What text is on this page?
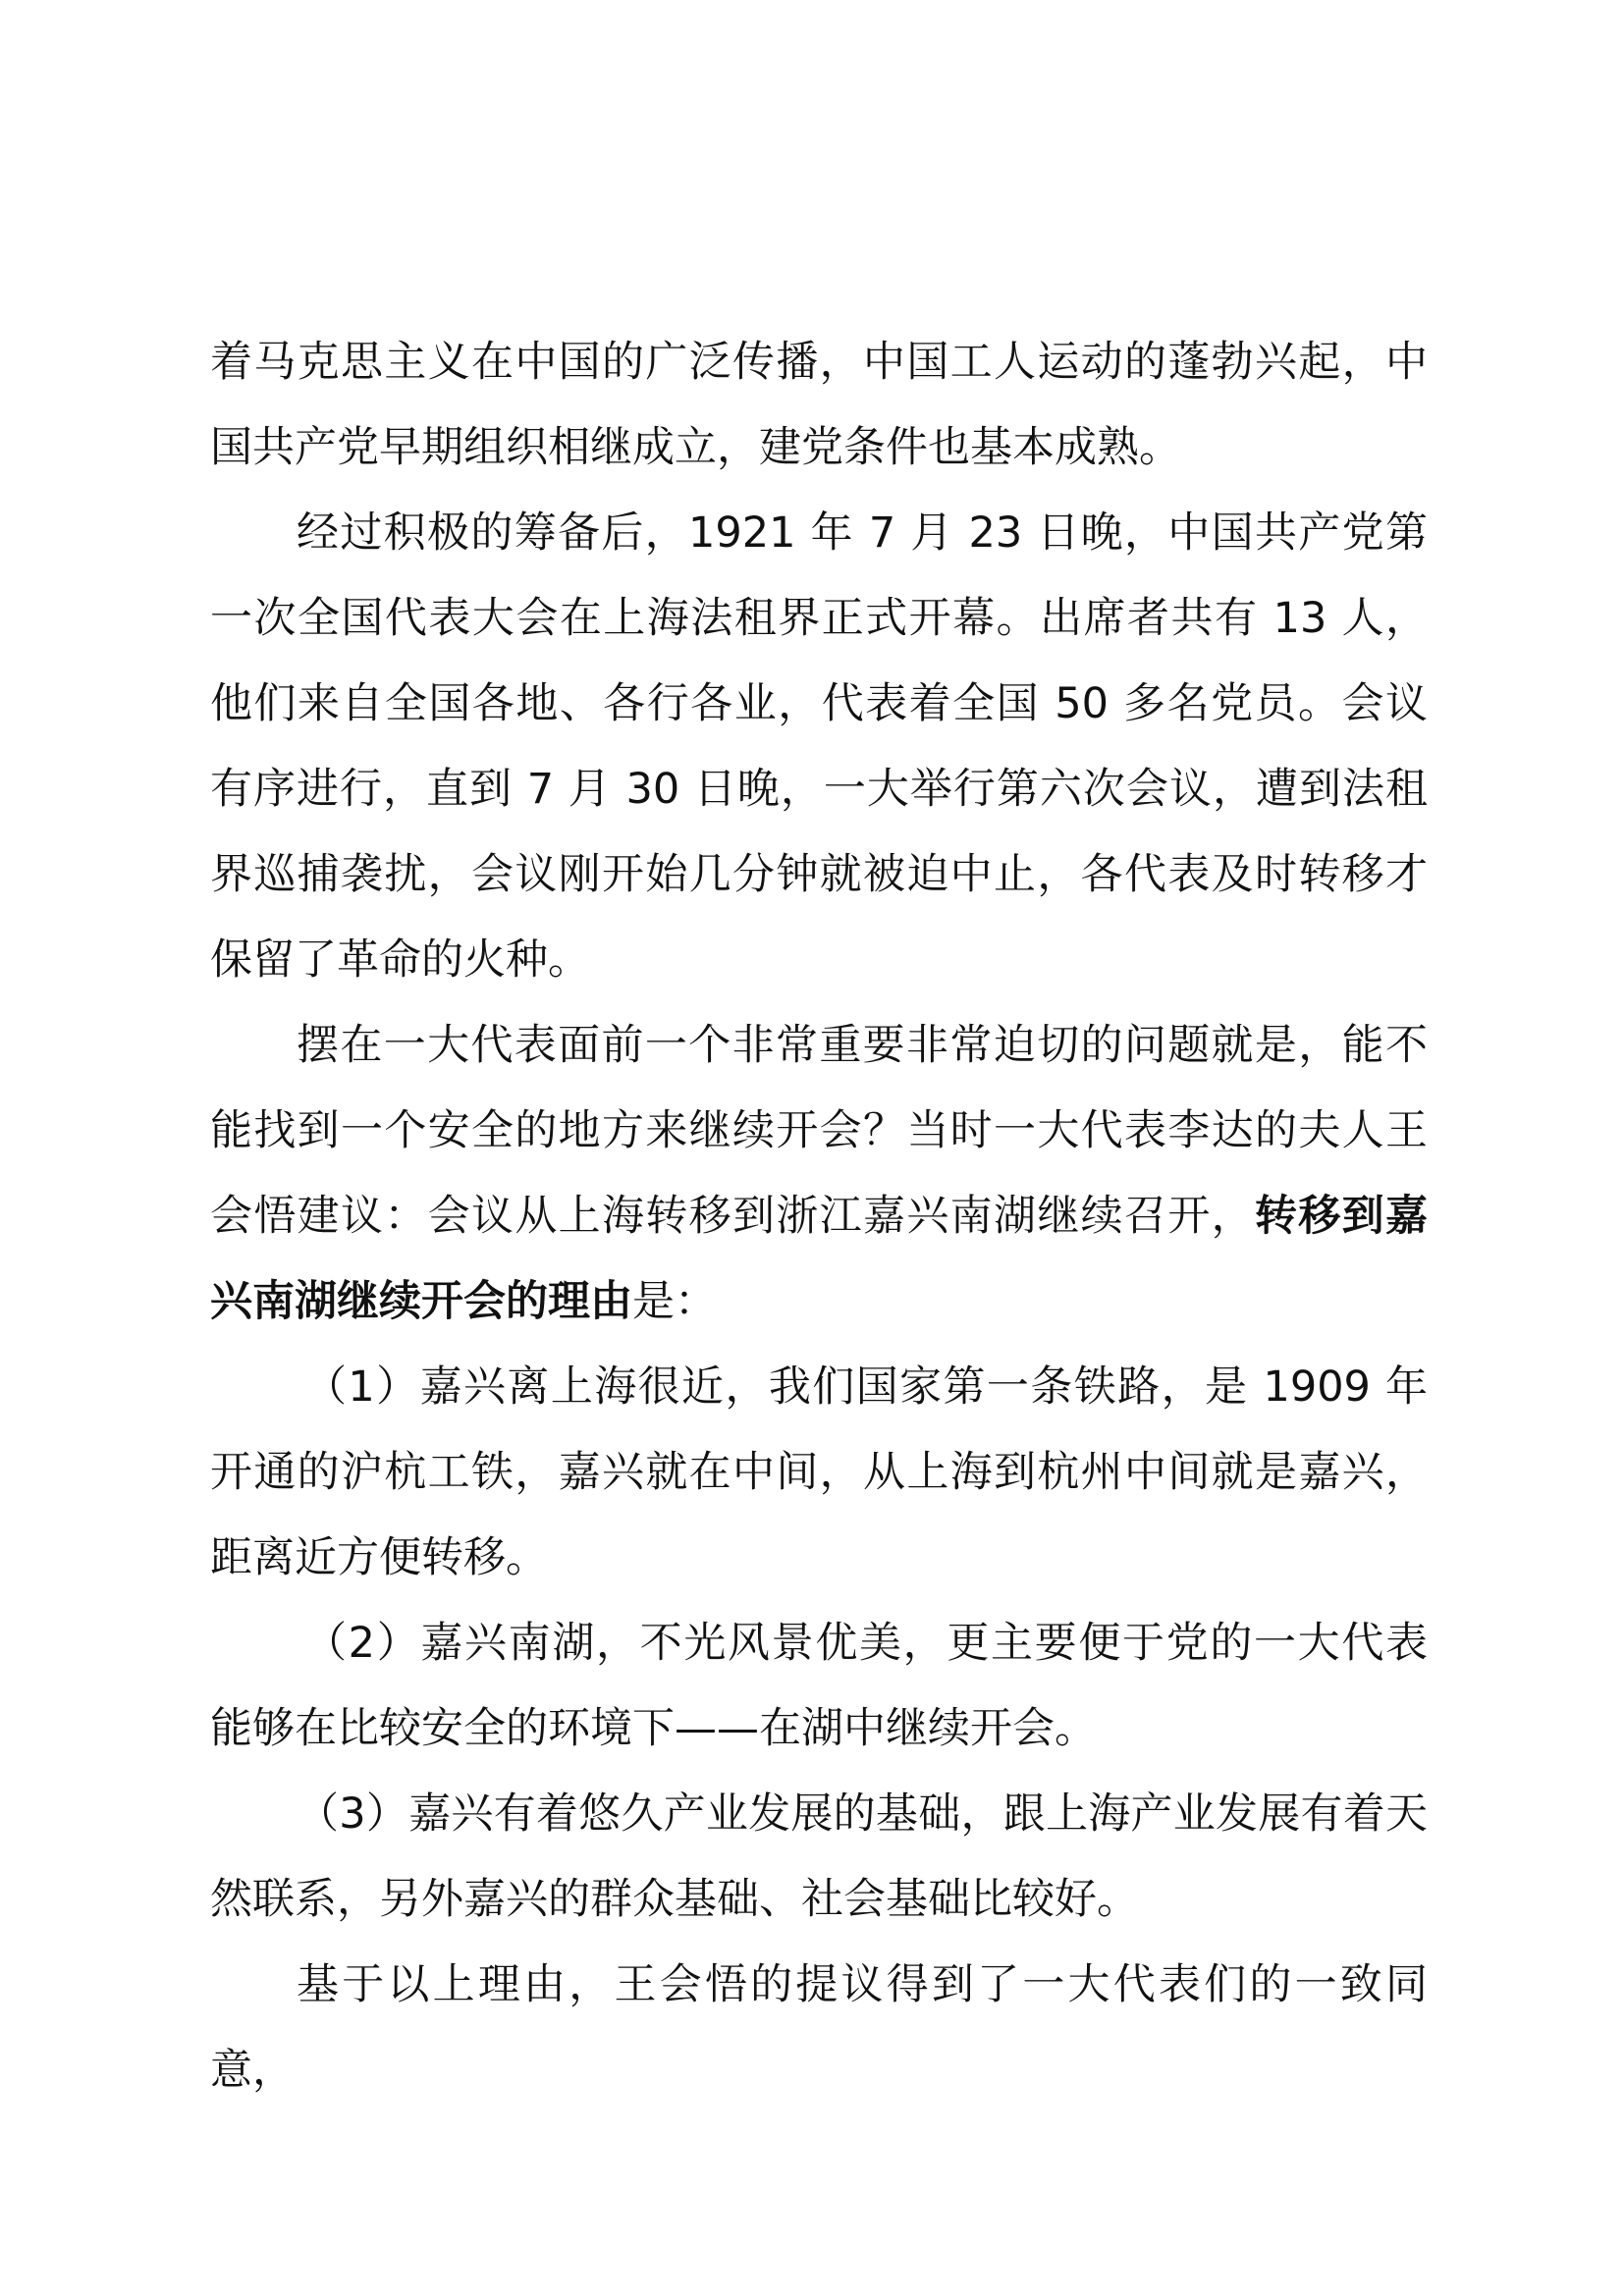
着马克思主义在中国的广泛传播，中国工人运动的蓬勃兴起，中国共产党早期组织相继成立，建党条件也基本成熟。

经过积极的筹备后，1921 年 7 月 23 日晚，中国共产党第一次全国代表大会在上海法租界正式开幕。出席者共有 13 人，他们来自全国各地、各行各业，代表着全国 50 多名党员。会议有序进行，直到 7 月 30 日晚，一大举行第六次会议，遭到法租界巡捕袭扰，会议刚开始几分钟就被迫中止，各代表及时转移才保留了革命的火种。

摆在一大代表面前一个非常重要非常迫切的问题就是，能不能找到一个安全的地方来继续开会？当时一大代表李达的夫人王会悟建议：会议从上海转移到浙江嘉兴南湖继续召开，转移到嘉兴南湖继续开会的理由是：

（1）嘉兴离上海很近，我们国家第一条铁路，是 1909 年开通的沪杭工铁，嘉兴就在中间，从上海到杭州中间就是嘉兴，距离近方便转移。

（2）嘉兴南湖，不光风景优美，更主要便于党的一大代表能够在比较安全的环境下——在湖中继续开会。

（3）嘉兴有着悠久产业发展的基础，跟上海产业发展有着天然联系，另外嘉兴的群众基础、社会基础比较好。

基于以上理由，王会悟的提议得到了一大代表们的一致同意，
